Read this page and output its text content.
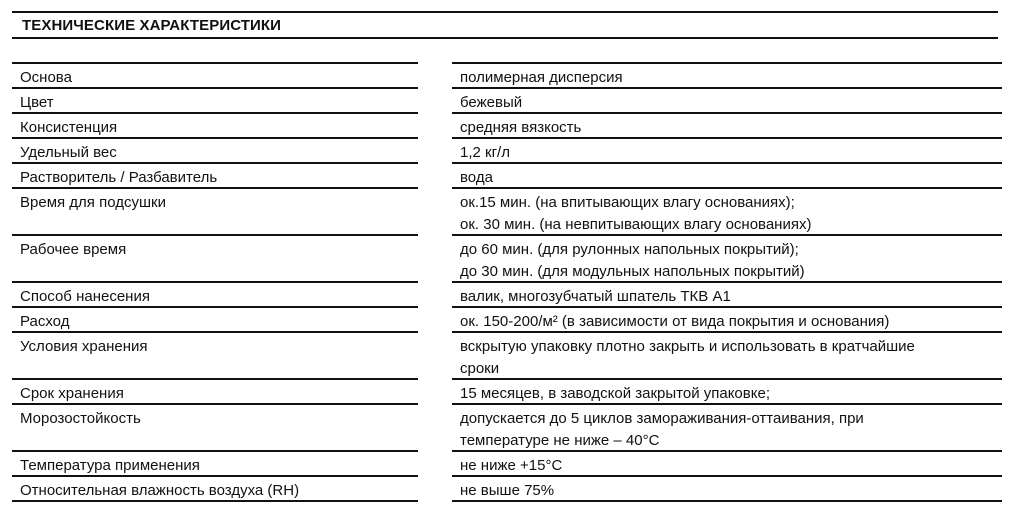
ТЕХНИЧЕСКИЕ ХАРАКТЕРИСТИКИ
Основа
Цвет
Консистенция
Удельный вес
Растворитель / Разбавитель
Время для подсушки
Рабочее время
Способ нанесения
Расход
Условия хранения
Срок хранения
Морозостойкость
Температура применения
Относительная влажность воздуха (RH)
полимерная дисперсия
бежевый
средняя вязкость
1,2 кг/л
вода
ок.15 мин. (на впитывающих влагу основаниях);
ок. 30 мин. (на невпитывающих влагу основаниях)
до 60 мин. (для рулонных напольных покрытий);
до 30 мин. (для модульных напольных покрытий)
валик, многозубчатый шпатель ТКВ А1
ок. 150-200/м² (в зависимости от вида покрытия и основания)
вскрытую упаковку плотно закрыть и использовать в кратчайшие
сроки
15 месяцев, в заводской закрытой упаковке;
допускается до 5 циклов замораживания-оттаивания, при
температуре не ниже – 40°С
не ниже +15°С
не выше 75%
